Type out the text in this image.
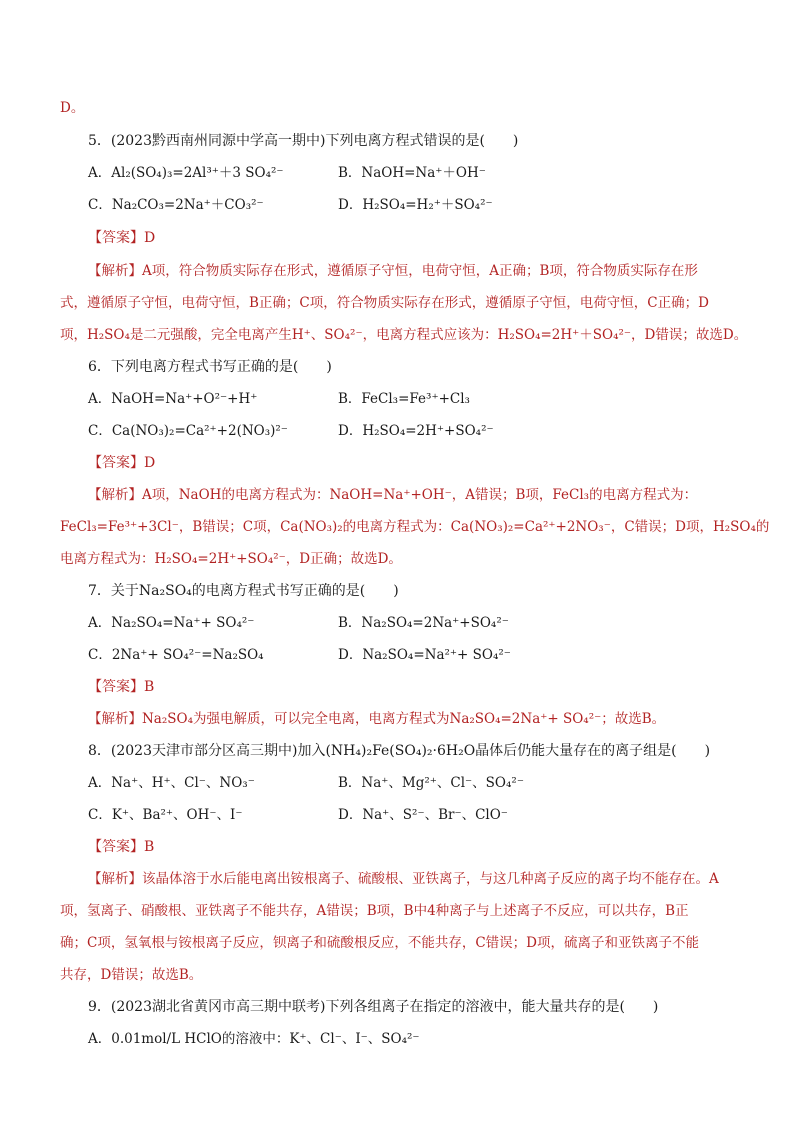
D。
5．(2023黔西南州同源中学高一期中)下列电离方程式错误的是(　　)
A．Al₂(SO₄)₃=2Al³⁺＋3 SO₄²⁻	B．NaOH=Na⁺＋OH⁻
C．Na₂CO₃=2Na⁺＋CO₃²⁻	D．H₂SO₄=H₂⁺＋SO₄²⁻
【答案】D
【解析】A项，符合物质实际存在形式，遵循原子守恒，电荷守恒，A正确；B项，符合物质实际存在形
式，遵循原子守恒，电荷守恒，B正确；C项，符合物质实际存在形式，遵循原子守恒，电荷守恒，C正确；D
项，H₂SO₄是二元强酸，完全电离产生H⁺、SO₄²⁻，电离方程式应该为：H₂SO₄=2H⁺＋SO₄²⁻，D错误；故选D。
6．下列电离方程式书写正确的是(　　)
A．NaOH=Na⁺+O²⁻+H⁺	B．FeCl₃=Fe³⁺+Cl₃
C．Ca(NO₃)₂=Ca²⁺+2(NO₃)²⁻	D．H₂SO₄=2H⁺+SO₄²⁻
【答案】D
【解析】A项，NaOH的电离方程式为：NaOH=Na⁺+OH⁻，A错误；B项，FeCl₃的电离方程式为：
FeCl₃=Fe³⁺+3Cl⁻，B错误；C项，Ca(NO₃)₂的电离方程式为：Ca(NO₃)₂=Ca²⁺+2NO₃⁻，C错误；D项，H₂SO₄的
电离方程式为：H₂SO₄=2H⁺+SO₄²⁻，D正确；故选D。
7．关于Na₂SO₄的电离方程式书写正确的是(　　)
A．Na₂SO₄=Na⁺+ SO₄²⁻	B．Na₂SO₄=2Na⁺+SO₄²⁻
C．2Na⁺+ SO₄²⁻=Na₂SO₄	D．Na₂SO₄=Na²⁺+ SO₄²⁻
【答案】B
【解析】Na₂SO₄为强电解质，可以完全电离，电离方程式为Na₂SO₄=2Na⁺+ SO₄²⁻；故选B。
8．(2023天津市部分区高三期中)加入(NH₄)₂Fe(SO₄)₂·6H₂O晶体后仍能大量存在的离子组是(　　)
A．Na⁺、H⁺、Cl⁻、NO₃⁻	B．Na⁺、Mg²⁺、Cl⁻、SO₄²⁻
C．K⁺、Ba²⁺、OH⁻、I⁻	D．Na⁺、S²⁻、Br⁻、ClO⁻
【答案】B
【解析】该晶体溶于水后能电离出铵根离子、硫酸根、亚铁离子，与这几种离子反应的离子均不能存在。A
项，氢离子、硝酸根、亚铁离子不能共存，A错误；B项，B中4种离子与上述离子不反应，可以共存，B正
确；C项，氢氧根与铵根离子反应，钡离子和硫酸根反应，不能共存，C错误；D项，硫离子和亚铁离子不能
共存，D错误；故选B。
9．(2023湖北省黄冈市高三期中联考)下列各组离子在指定的溶液中，能大量共存的是(　　)
A．0.01mol/L HClO的溶液中：K⁺、Cl⁻、I⁻、SO₄²⁻
